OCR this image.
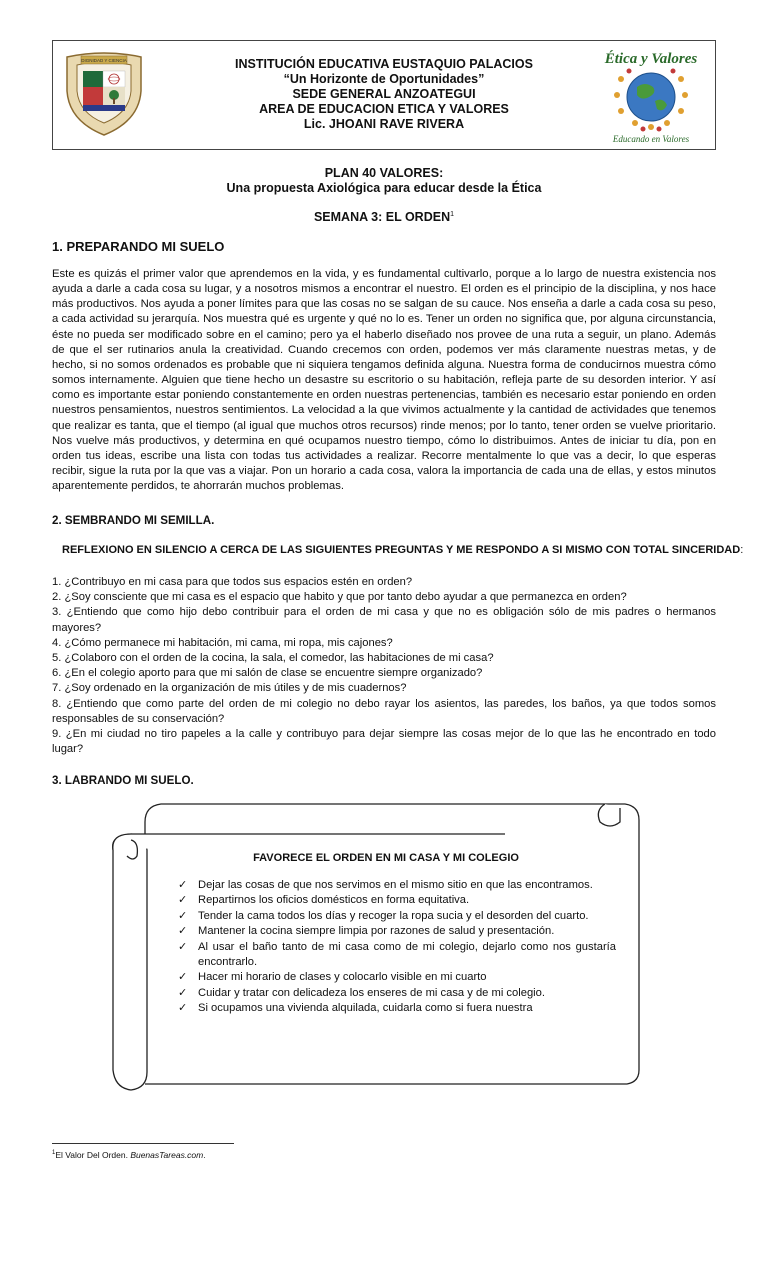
DIGNIDAD Y CIENCIA	INSTITUCIÓN EDUCATIVA EUSTAQUIO PALACIOS
“Un Horizonte de Oportunidades”
SEDE GENERAL ANZOATEGUI
AREA DE EDUCACION ETICA Y VALORES
Lic. JHOANI RAVE RIVERA
Ética y Valores
Educando en Valores
PLAN 40 VALORES:
Una propuesta Axiológica para educar desde la Ética
SEMANA 3: EL ORDEN$^1$
1. PREPARANDO MI SUELO
Este es quizás el primer valor que aprendemos en la vida, y es fundamental cultivarlo, porque a lo largo de nuestra existencia nos ayuda a darle a cada cosa su lugar, y a nosotros mismos a encontrar el nuestro. El orden es el principio de la disciplina, y nos hace más productivos. Nos ayuda a poner límites para que las cosas no se salgan de su cauce. Nos enseña a darle a cada cosa su peso, a cada actividad su jerarquía. Nos muestra qué es urgente y qué no lo es. Tener un orden no significa que, por alguna circunstancia, éste no pueda ser modificado sobre en el camino; pero ya el haberlo diseñado nos provee de una ruta a seguir, un plano. Además de que el ser rutinarios anula la creatividad. Cuando crecemos con orden, podemos ver más claramente nuestras metas, y de hecho, si no somos ordenados es probable que ni siquiera tengamos definida alguna. Nuestra forma de conducirnos muestra cómo somos internamente. Alguien que tiene hecho un desastre su escritorio o su habitación, refleja parte de su desorden interior. Y así como es importante estar poniendo constantemente en orden nuestras pertenencias, también es necesario estar poniendo en orden nuestros pensamientos, nuestros sentimientos. La velocidad a la que vivimos actualmente y la cantidad de actividades que tenemos que realizar es tanta, que el tiempo (al igual que muchos otros recursos) rinde menos; por lo tanto, tener orden se vuelve prioritario. Nos vuelve más productivos, y determina en qué ocupamos nuestro tiempo, cómo lo distribuimos. Antes de iniciar tu día, pon en orden tus ideas, escribe una lista con todas tus actividades a realizar. Recorre mentalmente lo que vas a decir, lo que esperas recibir, sigue la ruta por la que vas a viajar. Pon un horario a cada cosa, valora la importancia de cada una de ellas, y estos minutos aparentemente perdidos, te ahorrarán muchos problemas.
2. SEMBRANDO MI SEMILLA.
REFLEXIONO EN SILENCIO A CERCA DE LAS SIGUIENTES PREGUNTAS Y ME RESPONDO A SI MISMO CON TOTAL SINCERIDAD:
1. ¿Contribuyo en mi casa para que todos sus espacios estén en orden?
2. ¿Soy consciente que mi casa es el espacio que habito y que por tanto debo ayudar a que permanezca en orden?
3. ¿Entiendo que como hijo debo contribuir para el orden de mi casa y que no es obligación sólo de mis padres o hermanos mayores?
4. ¿Cómo permanece mi habitación, mi cama, mi ropa, mis cajones?
5. ¿Colaboro con el orden de la cocina, la sala, el comedor, las habitaciones de mi casa?
6. ¿En el colegio aporto para que mi salón de clase se encuentre siempre organizado?
7. ¿Soy ordenado en la organización de mis útiles y de mis cuadernos?
8. ¿Entiendo que como parte del orden de mi colegio no debo rayar los asientos, las paredes, los baños, ya que todos somos responsables de su conservación?
9. ¿En mi ciudad no tiro papeles a la calle y contribuyo para dejar siempre las cosas mejor de lo que las he encontrado en todo lugar?
3. LABRANDO MI SUELO.
FAVORECE EL ORDEN EN MI CASA Y MI COLEGIO
✓ Dejar las cosas de que nos servimos en el mismo sitio en que las encontramos.
✓ Repartirnos los oficios domésticos en forma equitativa.
✓ Tender la cama todos los días y recoger la ropa sucia y el desorden del cuarto.
✓ Mantener la cocina siempre limpia por razones de salud y presentación.
✓ Al usar el baño tanto de mi casa como de mi colegio, dejarlo como nos gustaría encontrarlo.
✓ Hacer mi horario de clases y colocarlo visible en mi cuarto
✓ Cuidar y tratar con delicadeza los enseres de mi casa y de mi colegio.
✓ Si ocupamos una vivienda alquilada, cuidarla como si fuera nuestra
$^1$El Valor Del Orden. BuenasTareas.com.
